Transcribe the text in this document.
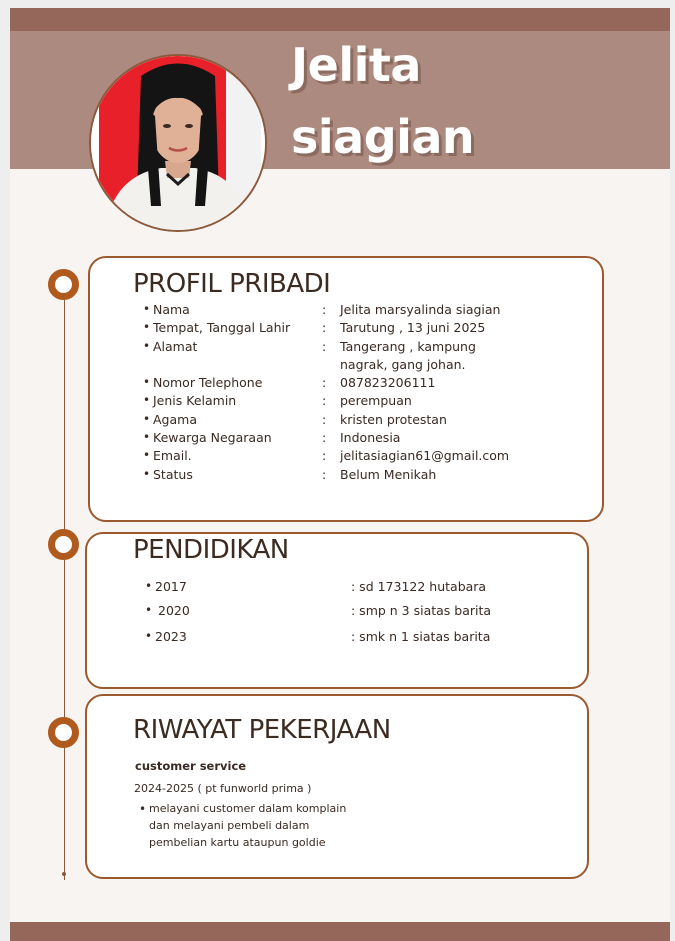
Jelita
siagian
PROFIL PRIBADI
• Nama	: Jelita marsyalinda siagian
• Tempat, Tanggal Lahir	: Tarutung , 13 juni 2025
• Alamat	: Tangerang , kampung
nagrak, gang johan.
• Nomor Telephone	: 087823206111
• Jenis Kelamin	: perempuan
• Agama	: kristen protestan
• Kewarga Negaraan	: Indonesia
• Email.	: jelitasiagian61@gmail.com
• Status	: Belum Menikah
PENDIDIKAN
• 2017	: sd 173122 hutabara
• 2020	: smp n 3 siatas barita
• 2023	: smk n 1 siatas barita
RIWAYAT PEKERJAAN
customer service
2024-2025 ( pt funworld prima )
• melayani customer dalam komplain
dan melayani pembeli dalam
pembelian kartu ataupun goldie
